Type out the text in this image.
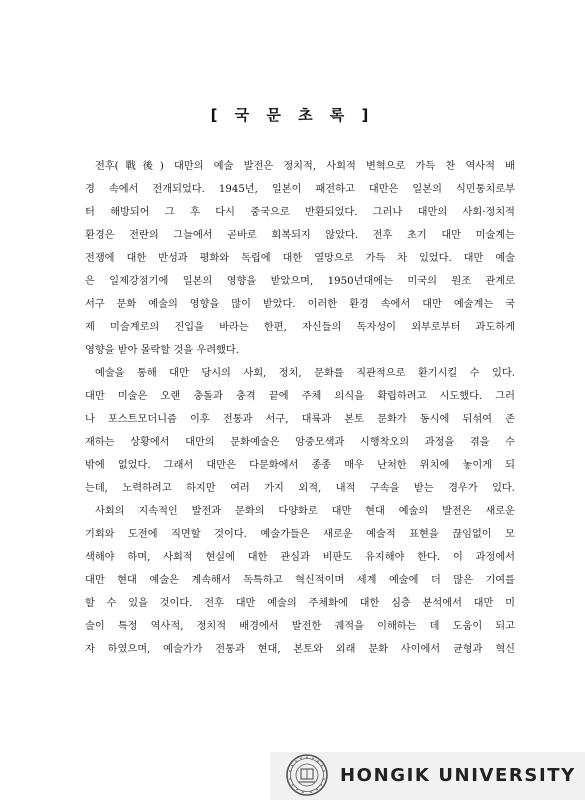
[ 국 문 초 록 ]
전후(戰後) 대만의 예술 발전은 정치적, 사회적 변혁으로 가득 찬 역사적 배
경 속에서 전개되었다. 1945년, 일본이 패전하고 대만은 일본의 식민통치로부
터 해방되어 그 후 다시 중국으로 반환되었다. 그러나 대만의 사회·정치적
환경은 전란의 그늘에서 곧바로 회복되지 않았다. 전후 초기 대만 미술계는
전쟁에 대한 반성과 평화와 독립에 대한 열망으로 가득 차 있었다. 대만 예술
은 일제강점기에 일본의 영향을 받았으며, 1950년대에는 미국의 원조 관계로
서구 문화 예술의 영향을 많이 받았다. 이러한 환경 속에서 대만 예술계는 국
제 미술계로의 진입을 바라는 한편, 자신들의 독자성이 외부로부터 과도하게
영향을 받아 몰락할 것을 우려했다.
예술을 통해 대만 당시의 사회, 정치, 문화를 직관적으로 환기시킬 수 있다.
대만 미술은 오랜 충돌과 충격 끝에 주체 의식을 확립하려고 시도했다. 그러
나 포스트모더니즘 이후 전통과 서구, 대륙과 본토 문화가 동시에 뒤섞여 존
재하는 상황에서 대만의 문화예술은 암중모색과 시행착오의 과정을 겪을 수
밖에 없었다. 그래서 대만은 다문화에서 종종 매우 난처한 위치에 놓이게 되
는데, 노력하려고 하지만 여러 가지 외적, 내적 구속을 받는 경우가 있다.
사회의 지속적인 발전과 문화의 다양화로 대만 현대 예술의 발전은 새로운
기회와 도전에 직면할 것이다. 예술가들은 새로운 예술적 표현을 끊임없이 모
색해야 하며, 사회적 현실에 대한 관심과 비판도 유지해야 한다. 이 과정에서
대만 현대 예술은 계속해서 독특하고 혁신적이며 세계 예술에 더 많은 기여를
할 수 있을 것이다. 전후 대만 예술의 주체화에 대한 심층 분석에서 대만 미
술이 특정 역사적, 정치적 배경에서 발전한 궤적을 이해하는 데 도움이 되고
자 하였으며, 예술가가 전통과 현대, 본토와 외래 문화 사이에서 균형과 혁신
HONGIK UNIVERSITY
